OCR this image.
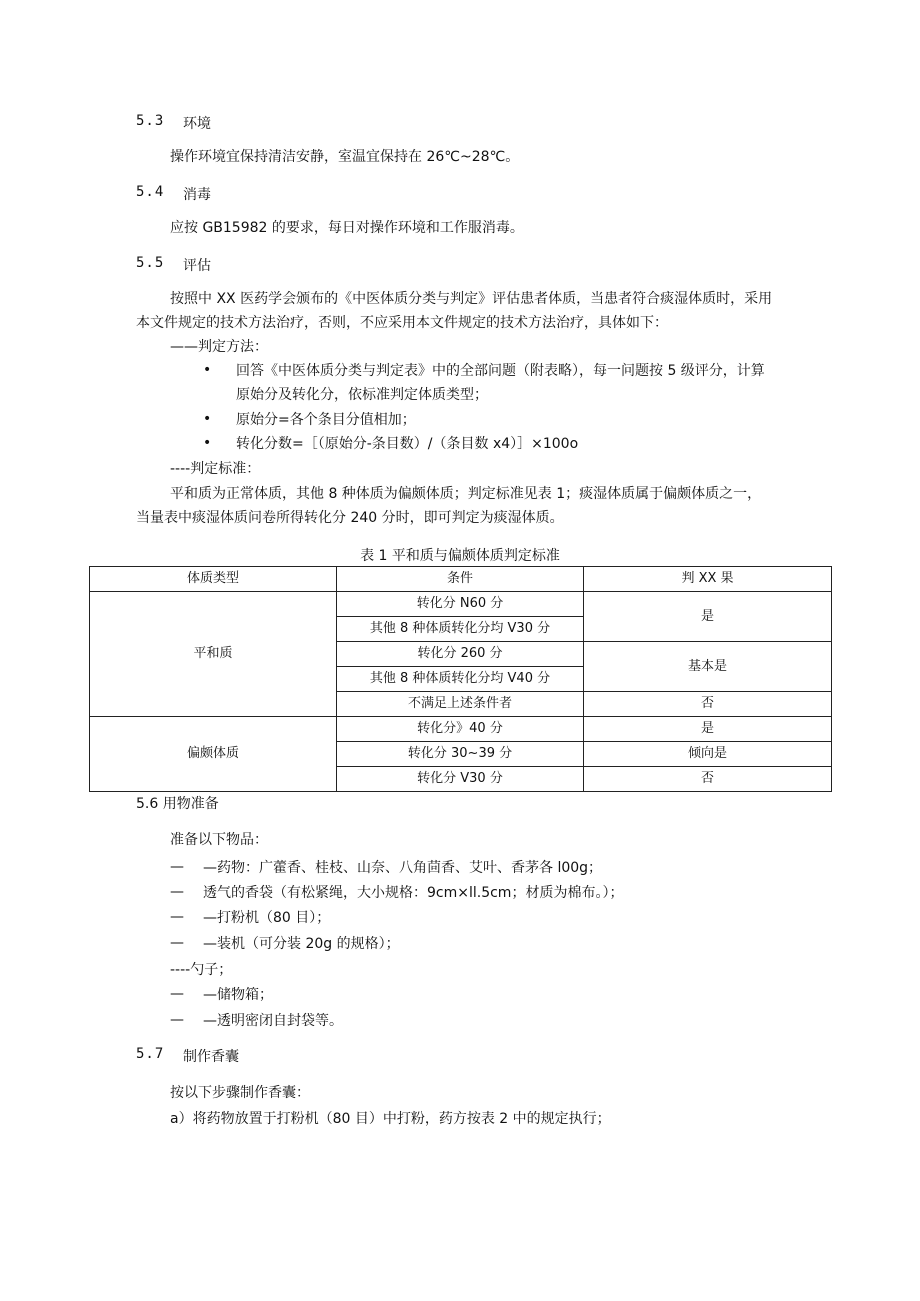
5.3 环境
操作环境宜保持清洁安静，室温宜保持在 26℃~28℃。
5.4 消毒
应按 GB15982 的要求，每日对操作环境和工作服消毒。
5.5 评估
按照中 XX 医药学会颁布的《中医体质分类与判定》评估患者体质，当患者符合痰湿体质时，采用
本文件规定的技术方法治疗，否则，不应采用本文件规定的技术方法治疗，具体如下：
——判定方法：
• 回答《中医体质分类与判定表》中的全部问题（附表略），每一问题按 5 级评分，计算
原始分及转化分，依标准判定体质类型；
• 原始分=各个条目分值相加；
• 转化分数=［（原始分-条目数）/（条目数 x4）］×100o
----判定标准：
平和质为正常体质，其他 8 种体质为偏颇体质；判定标准见表 1；痰湿体质属于偏颇体质之一，
当量表中痰湿体质问卷所得转化分 240 分时，即可判定为痰湿体质。
表 1 平和质与偏颇体质判定标准
体质类型	条件	判 XX 果
平和质	转化分 N60 分	是
	其他 8 种体质转化分均 V30 分	
	转化分 260 分	基本是
	其他 8 种体质转化分均 V40 分	
	不满足上述条件者	否
偏颇体质	转化分》40 分	是
	转化分 30~39 分	倾向是
	转化分 V30 分	否
5.6 用物准备
准备以下物品：
— —药物：广藿香、桂枝、山奈、八角茴香、艾叶、香茅各 l00g；
— 透气的香袋（有松紧绳，大小规格：9cm×ll.5cm；材质为棉布。）；
— —打粉机（80 目）；
— —装机（可分装 20g 的规格）；
----勺子；
— —储物箱；
— —透明密闭自封袋等。
5.7 制作香囊
按以下步骤制作香囊：
a）将药物放置于打粉机（80 目）中打粉，药方按表 2 中的规定执行；
